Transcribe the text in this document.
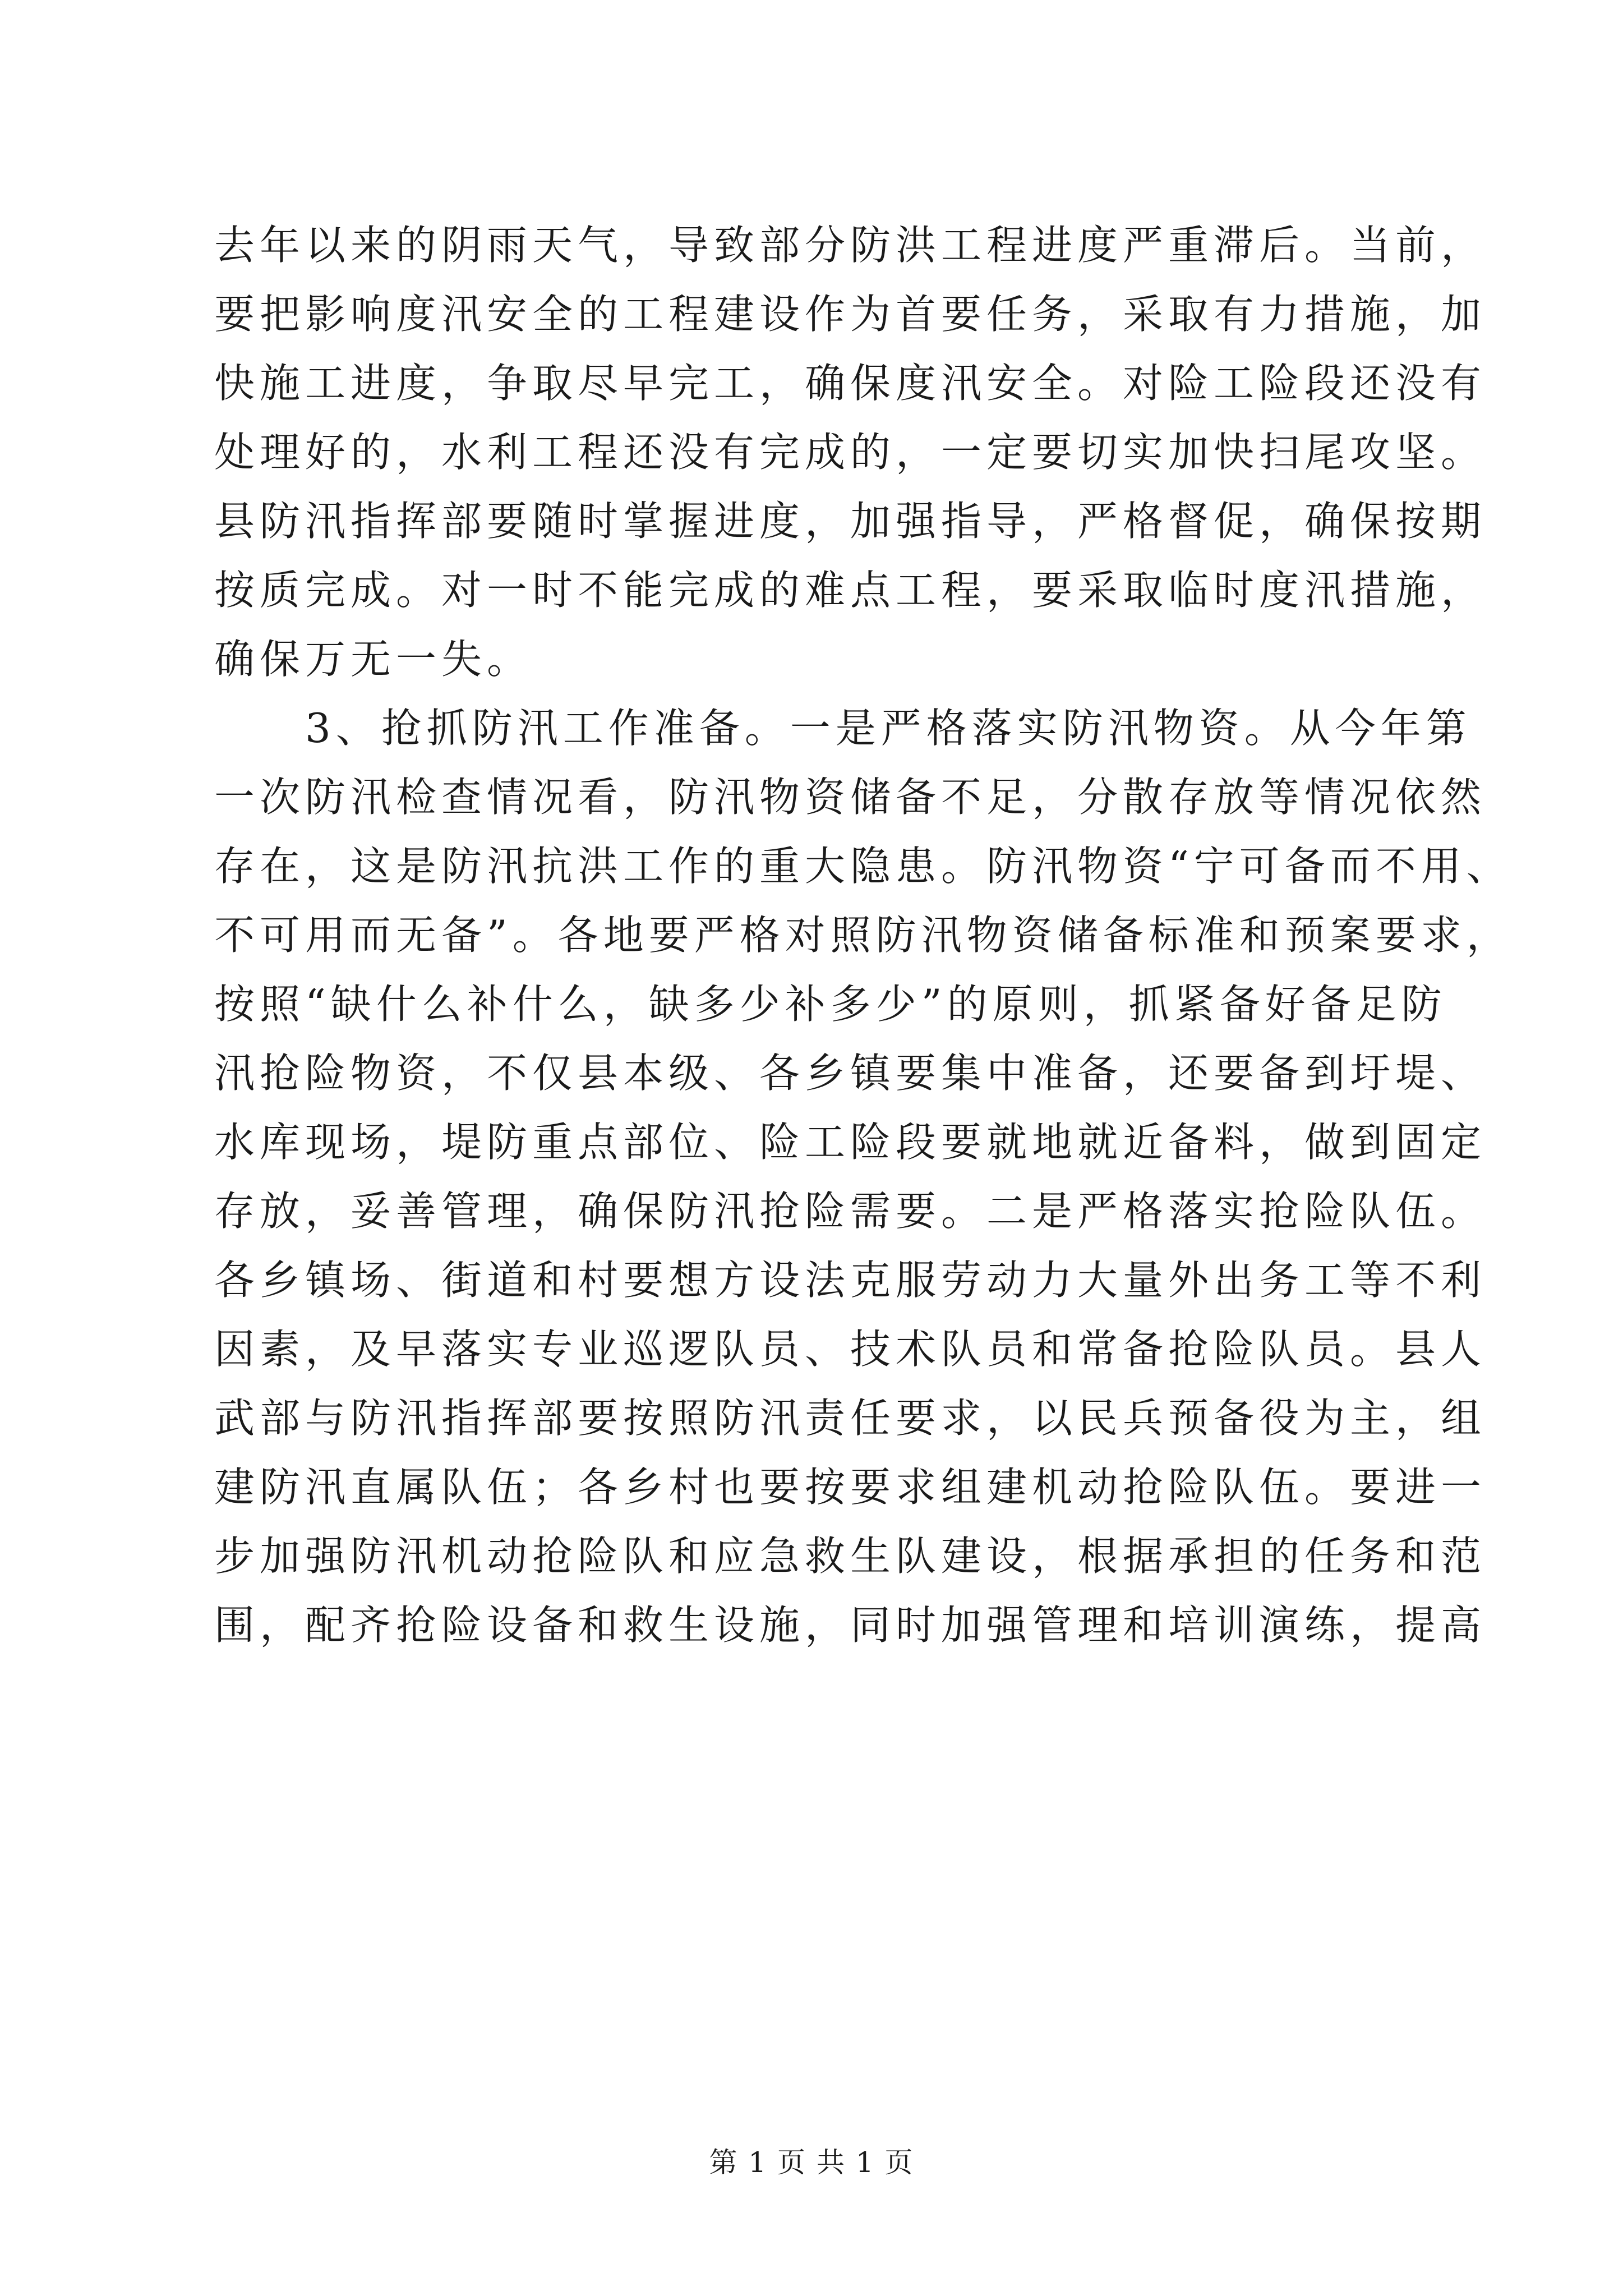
去年以来的阴雨天气，导致部分防洪工程进度严重滞后。当前，
要把影响度汛安全的工程建设作为首要任务，采取有力措施，加
快施工进度，争取尽早完工，确保度汛安全。对险工险段还没有
处理好的，水利工程还没有完成的，一定要切实加快扫尾攻坚。
县防汛指挥部要随时掌握进度，加强指导，严格督促，确保按期
按质完成。对一时不能完成的难点工程，要采取临时度汛措施，
确保万无一失。
　　3、抢抓防汛工作准备。一是严格落实防汛物资。从今年第
一次防汛检查情况看，防汛物资储备不足，分散存放等情况依然
存在，这是防汛抗洪工作的重大隐患。防汛物资“宁可备而不用、
不可用而无备”。各地要严格对照防汛物资储备标准和预案要求，
按照“缺什么补什么，缺多少补多少”的原则，抓紧备好备足防
汛抢险物资，不仅县本级、各乡镇要集中准备，还要备到圩堤、
水库现场，堤防重点部位、险工险段要就地就近备料，做到固定
存放，妥善管理，确保防汛抢险需要。二是严格落实抢险队伍。
各乡镇场、街道和村要想方设法克服劳动力大量外出务工等不利
因素，及早落实专业巡逻队员、技术队员和常备抢险队员。县人
武部与防汛指挥部要按照防汛责任要求，以民兵预备役为主，组
建防汛直属队伍；各乡村也要按要求组建机动抢险队伍。要进一
步加强防汛机动抢险队和应急救生队建设，根据承担的任务和范
围，配齐抢险设备和救生设施，同时加强管理和培训演练，提高
第 1 页 共 1 页
